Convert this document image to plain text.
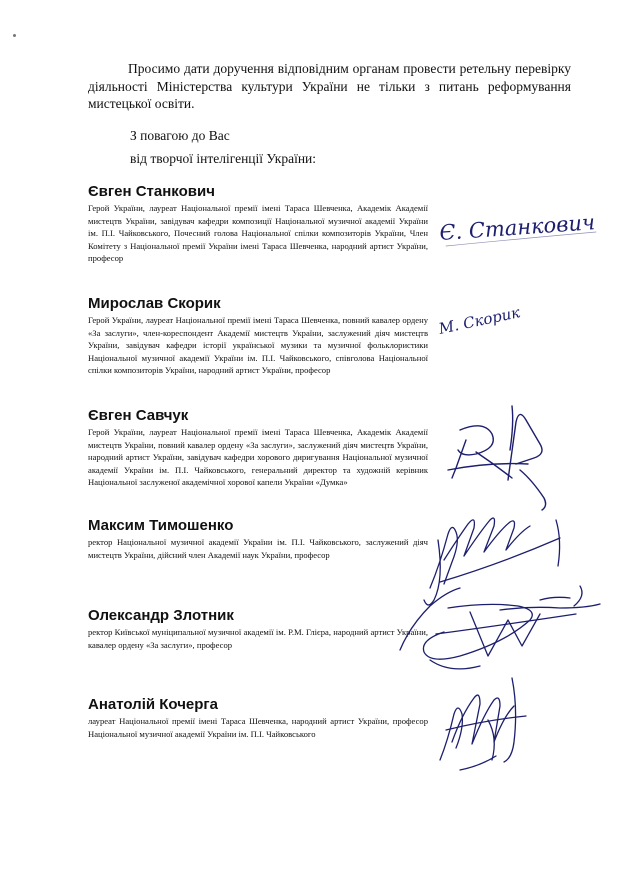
Просимо дати доручення відповідним органам провести ретельну перевірку діяльності Міністерства культури України не тільки з питань реформування мистецької освіти.

З повагою до Вас

від творчої інтелігенції України:

Євген Станкович

Герой України, лауреат Національної премії імені Тараса Шевченка, Академік Академії мистецтв України, завідувач кафедри композиції Національної музичної академії України ім. П.І. Чайковського, Почесний голова Національної спілки композиторів України, Член Комітету з Національної премії України імені Тараса Шевченка, народний артист України, професор

Мирослав Скорик

Герой України, лауреат Національної премії імені Тараса Шевченка, повний кавалер ордену «За заслуги», член-кореспондент Академії мистецтв України, заслужений діяч мистецтв України, завідувач кафедри історії української музики та музичної фольклористики Національної музичної академії України ім. П.І. Чайковського, співголова Національної спілки композиторів України, народний артист України, професор

Євген Савчук

Герой України, лауреат Національної премії імені Тараса Шевченка, Академік Академії мистецтв України, повний кавалер ордену «За заслуги», заслужений діяч мистецтв України, народний артист України, завідувач кафедри хорового диригування Національної музичної академії України ім. П.І. Чайковського, генеральний директор та художній керівник Національної заслуженої академічної хорової капели України «Думка»

Максим Тимошенко

ректор Національної музичної академії України ім. П.І. Чайковського, заслужений діяч мистецтв України, дійсний член Академії наук України, професор

Олександр Злотник

ректор Київської муніципальної музичної академії ім. Р.М. Глієра, народний артист України, кавалер ордену «За заслуги», професор

Анатолій Кочерга

лауреат Національної премії імені Тараса Шевченка, народний артист України, професор Національної музичної академії України ім. П.І. Чайковського

Є. Станкович
М. Скорик
